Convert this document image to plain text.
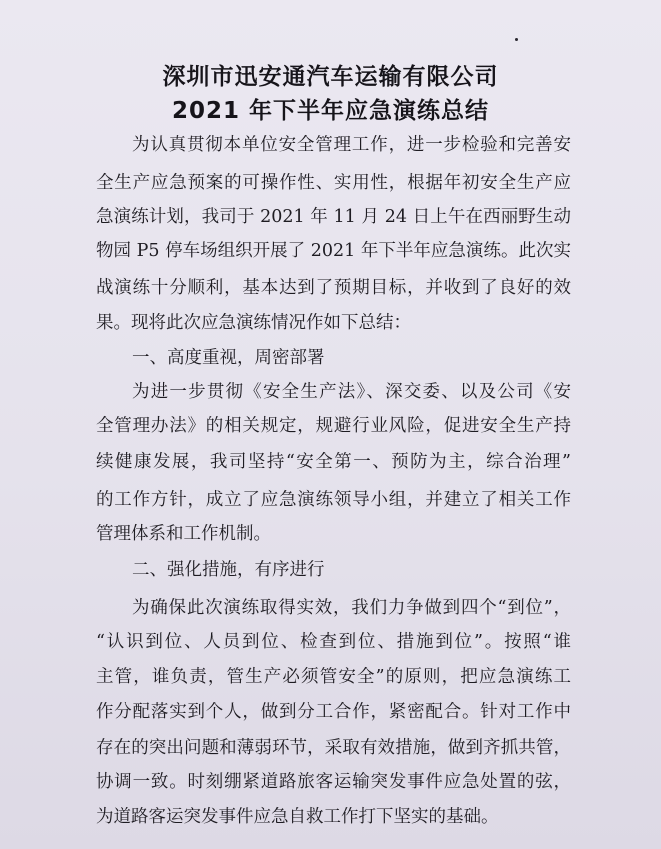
深圳市迅安通汽车运输有限公司
2021 年下半年应急演练总结
为认真贯彻本单位安全管理工作，进一步检验和完善安
全生产应急预案的可操作性、实用性，根据年初安全生产应
急演练计划，我司于 2021 年 11 月 24 日上午在西丽野生动
物园 P5 停车场组织开展了 2021 年下半年应急演练。此次实
战演练十分顺利，基本达到了预期目标，并收到了良好的效
果。现将此次应急演练情况作如下总结：
一、高度重视，周密部署
为进一步贯彻《安全生产法》、深交委、以及公司《安
全管理办法》的相关规定，规避行业风险，促进安全生产持
续健康发展，我司坚持“安全第一、预防为主，综合治理”
的工作方针，成立了应急演练领导小组，并建立了相关工作
管理体系和工作机制。
二、强化措施，有序进行
为确保此次演练取得实效，我们力争做到四个“到位”，
“认识到位、人员到位、检查到位、措施到位”。按照“谁
主管，谁负责，管生产必须管安全”的原则，把应急演练工
作分配落实到个人，做到分工合作，紧密配合。针对工作中
存在的突出问题和薄弱环节，采取有效措施，做到齐抓共管，
协调一致。时刻绷紧道路旅客运输突发事件应急处置的弦，
为道路客运突发事件应急自救工作打下坚实的基础。
